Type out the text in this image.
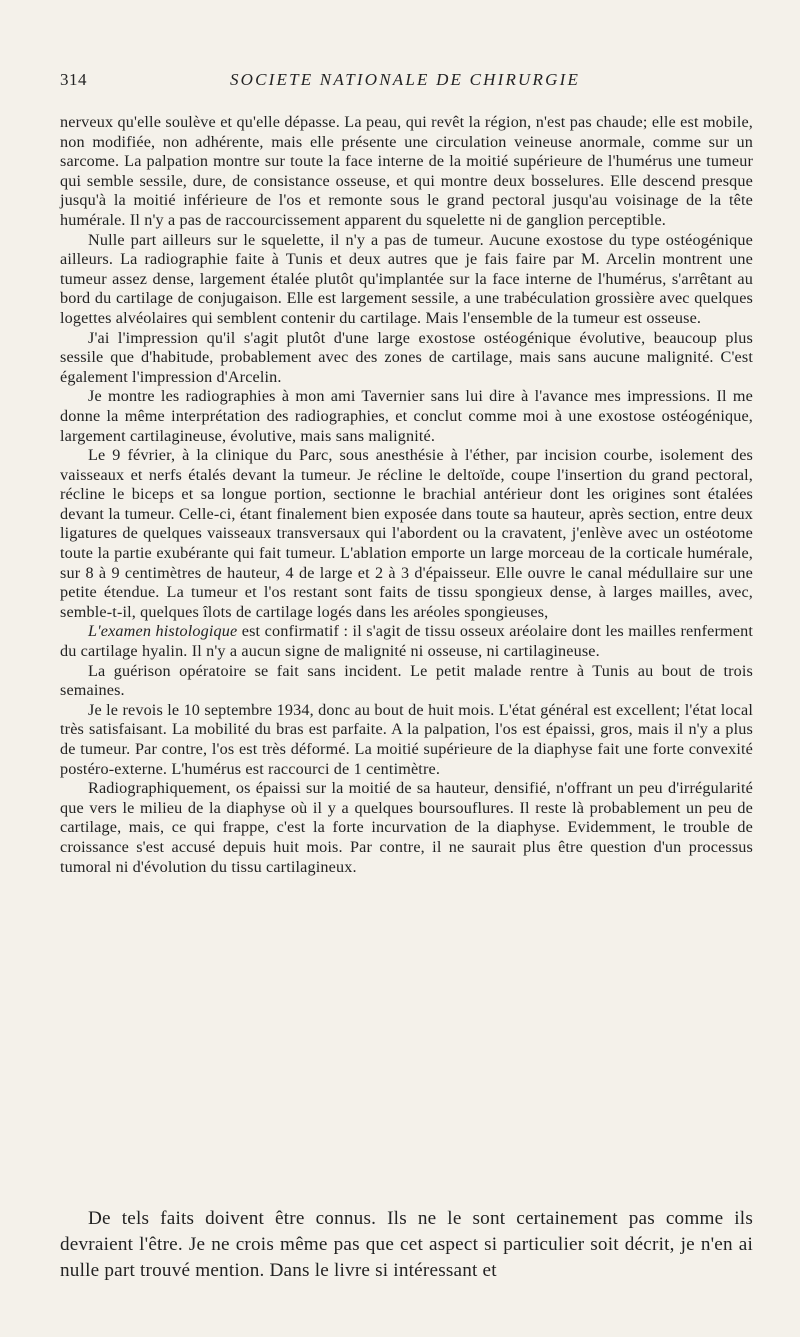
314	SOCIETE NATIONALE DE CHIRURGIE

nerveux qu'elle soulève et qu'elle dépasse. La peau, qui revêt la région, n'est pas chaude; elle est mobile, non modifiée, non adhérente, mais elle présente une circulation veineuse anormale, comme sur un sarcome. La palpation montre sur toute la face interne de la moitié supérieure de l'humérus une tumeur qui semble sessile, dure, de consistance osseuse, et qui montre deux bosselures. Elle descend presque jusqu'à la moitié inférieure de l'os et remonte sous le grand pectoral jusqu'au voisinage de la tête humérale. Il n'y a pas de raccourcissement apparent du squelette ni de ganglion perceptible.

Nulle part ailleurs sur le squelette, il n'y a pas de tumeur. Aucune exostose du type ostéogénique ailleurs. La radiographie faite à Tunis et deux autres que je fais faire par M. Arcelin montrent une tumeur assez dense, largement étalée plutôt qu'implantée sur la face interne de l'humérus, s'arrêtant au bord du cartilage de conjugaison. Elle est largement sessile, a une trabéculation grossière avec quelques logettes alvéolaires qui semblent contenir du cartilage. Mais l'ensemble de la tumeur est osseuse.

J'ai l'impression qu'il s'agit plutôt d'une large exostose ostéogénique évolutive, beaucoup plus sessile que d'habitude, probablement avec des zones de cartilage, mais sans aucune malignité. C'est également l'impression d'Arcelin.

Je montre les radiographies à mon ami Tavernier sans lui dire à l'avance mes impressions. Il me donne la même interprétation des radiographies, et conclut comme moi à une exostose ostéogénique, largement cartilagineuse, évolutive, mais sans malignité.

Le 9 février, à la clinique du Parc, sous anesthésie à l'éther, par incision courbe, isolement des vaisseaux et nerfs étalés devant la tumeur. Je récline le deltoïde, coupe l'insertion du grand pectoral, récline le biceps et sa longue portion, sectionne le brachial antérieur dont les origines sont étalées devant la tumeur. Celle-ci, étant finalement bien exposée dans toute sa hauteur, après section, entre deux ligatures de quelques vaisseaux transversaux qui l'abordent ou la cravatent, j'enlève avec un ostéotome toute la partie exubérante qui fait tumeur. L'ablation emporte un large morceau de la corticale humérale, sur 8 à 9 centimètres de hauteur, 4 de large et 2 à 3 d'épaisseur. Elle ouvre le canal médullaire sur une petite étendue. La tumeur et l'os restant sont faits de tissu spongieux dense, à larges mailles, avec, semble-t-il, quelques îlots de cartilage logés dans les aréoles spongieuses,

L'examen histologique est confirmatif : il s'agit de tissu osseux aréolaire dont les mailles renferment du cartilage hyalin. Il n'y a aucun signe de malignité ni osseuse, ni cartilagineuse.

La guérison opératoire se fait sans incident. Le petit malade rentre à Tunis au bout de trois semaines.

Je le revois le 10 septembre 1934, donc au bout de huit mois. L'état général est excellent; l'état local très satisfaisant. La mobilité du bras est parfaite. A la palpation, l'os est épaissi, gros, mais il n'y a plus de tumeur. Par contre, l'os est très déformé. La moitié supérieure de la diaphyse fait une forte convexité postéro-externe. L'humérus est raccourci de 1 centimètre.

Radiographiquement, os épaissi sur la moitié de sa hauteur, densifié, n'offrant un peu d'irrégularité que vers le milieu de la diaphyse où il y a quelques boursouflures. Il reste là probablement un peu de cartilage, mais, ce qui frappe, c'est la forte incurvation de la diaphyse. Evidemment, le trouble de croissance s'est accusé depuis huit mois. Par contre, il ne saurait plus être question d'un processus tumoral ni d'évolution du tissu cartilagineux.

De tels faits doivent être connus. Ils ne le sont certainement pas comme ils devraient l'être. Je ne crois même pas que cet aspect si particulier soit décrit, je n'en ai nulle part trouvé mention. Dans le livre si intéressant et
